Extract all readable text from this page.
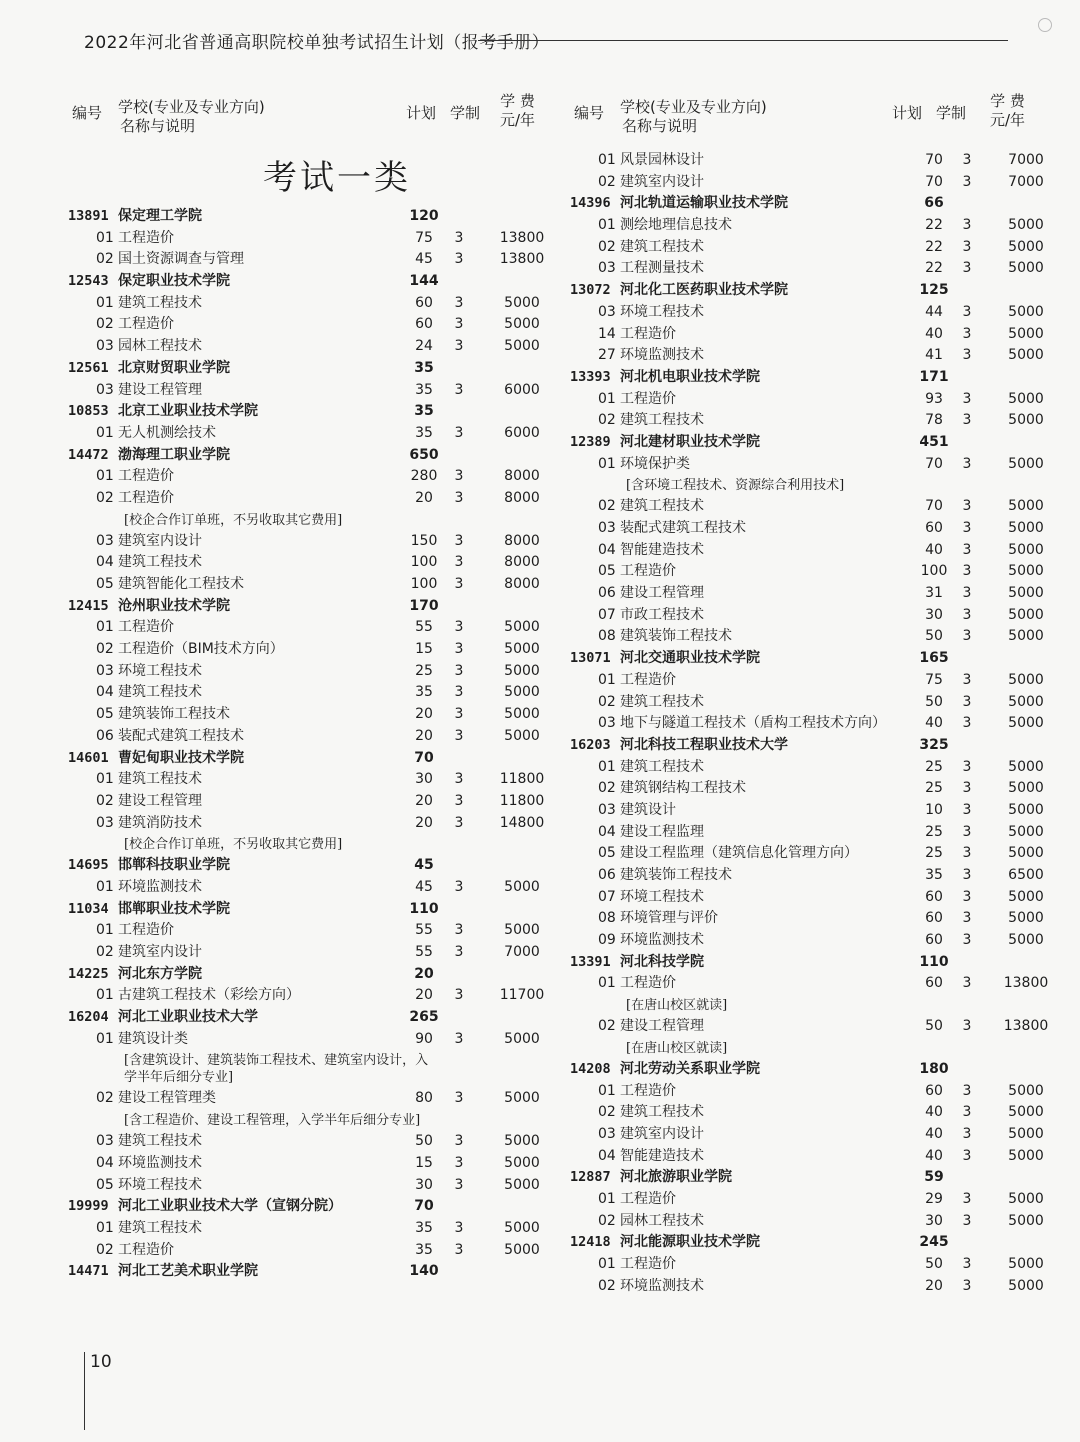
2022年河北省普通高职院校单独考试招生计划（报考手册）
编号 学校(专业及专业方向)
名称与说明
计划 学制
学 费
元/年
考试一类
13891 保定理工学院	120
01 工程造价	75	3	13800
02 国土资源调查与管理	45	3	13800
12543 保定职业技术学院	144
01 建筑工程技术	60	3	5000
02 工程造价	60	3	5000
03 园林工程技术	24	3	5000
12561 北京财贸职业学院	35
03 建设工程管理	35	3	6000
10853 北京工业职业技术学院	35
01 无人机测绘技术	35	3	6000
14472 渤海理工职业学院	650
01 工程造价	280	3	8000
02 工程造价	20	3	8000
[校企合作订单班，不另收取其它费用]
03 建筑室内设计	150	3	8000
04 建筑工程技术	100	3	8000
05 建筑智能化工程技术	100	3	8000
12415 沧州职业技术学院	170
01 工程造价	55	3	5000
02 工程造价（BIM技术方向）	15	3	5000
03 环境工程技术	25	3	5000
04 建筑工程技术	35	3	5000
05 建筑装饰工程技术	20	3	5000
06 装配式建筑工程技术	20	3	5000
14601 曹妃甸职业技术学院	70
01 建筑工程技术	30	3	11800
02 建设工程管理	20	3	11800
03 建筑消防技术	20	3	14800
[校企合作订单班，不另收取其它费用]
14695 邯郸科技职业学院	45
01 环境监测技术	45	3	5000
11034 邯郸职业技术学院	110
01 工程造价	55	3	5000
02 建筑室内设计	55	3	7000
14225 河北东方学院	20
01 古建筑工程技术（彩绘方向）	20	3	11700
16204 河北工业职业技术大学	265
01 建筑设计类	90	3	5000
[含建筑设计、建筑装饰工程技术、建筑室内设计，入学半年后细分专业]
02 建设工程管理类	80	3	5000
[含工程造价、建设工程管理，入学半年后细分专业]
03 建筑工程技术	50	3	5000
04 环境监测技术	15	3	5000
05 环境工程技术	30	3	5000
19999 河北工业职业技术大学（宣钢分院）	70
01 建筑工程技术	35	3	5000
02 工程造价	35	3	5000
14471 河北工艺美术职业学院	140
编号 学校(专业及专业方向)
名称与说明
计划 学制
学 费
元/年
01 风景园林设计	70	3	7000
02 建筑室内设计	70	3	7000
14396 河北轨道运输职业技术学院	66
01 测绘地理信息技术	22	3	5000
02 建筑工程技术	22	3	5000
03 工程测量技术	22	3	5000
13072 河北化工医药职业技术学院	125
03 环境工程技术	44	3	5000
14 工程造价	40	3	5000
27 环境监测技术	41	3	5000
13393 河北机电职业技术学院	171
01 工程造价	93	3	5000
02 建筑工程技术	78	3	5000
12389 河北建材职业技术学院	451
01 环境保护类	70	3	5000
[含环境工程技术、资源综合利用技术]
02 建筑工程技术	70	3	5000
03 装配式建筑工程技术	60	3	5000
04 智能建造技术	40	3	5000
05 工程造价	100	3	5000
06 建设工程管理	31	3	5000
07 市政工程技术	30	3	5000
08 建筑装饰工程技术	50	3	5000
13071 河北交通职业技术学院	165
01 工程造价	75	3	5000
02 建筑工程技术	50	3	5000
03 地下与隧道工程技术（盾构工程技术方向）	40	3	5000
16203 河北科技工程职业技术大学	325
01 建筑工程技术	25	3	5000
02 建筑钢结构工程技术	25	3	5000
03 建筑设计	10	3	5000
04 建设工程监理	25	3	5000
05 建设工程监理（建筑信息化管理方向）	25	3	5000
06 建筑装饰工程技术	35	3	6500
07 环境工程技术	60	3	5000
08 环境管理与评价	60	3	5000
09 环境监测技术	60	3	5000
13391 河北科技学院	110
01 工程造价	60	3	13800
[在唐山校区就读]
02 建设工程管理	50	3	13800
[在唐山校区就读]
14208 河北劳动关系职业学院	180
01 工程造价	60	3	5000
02 建筑工程技术	40	3	5000
03 建筑室内设计	40	3	5000
04 智能建造技术	40	3	5000
12887 河北旅游职业学院	59
01 工程造价	29	3	5000
02 园林工程技术	30	3	5000
12418 河北能源职业技术学院	245
01 工程造价	50	3	5000
02 环境监测技术	20	3	5000
10
